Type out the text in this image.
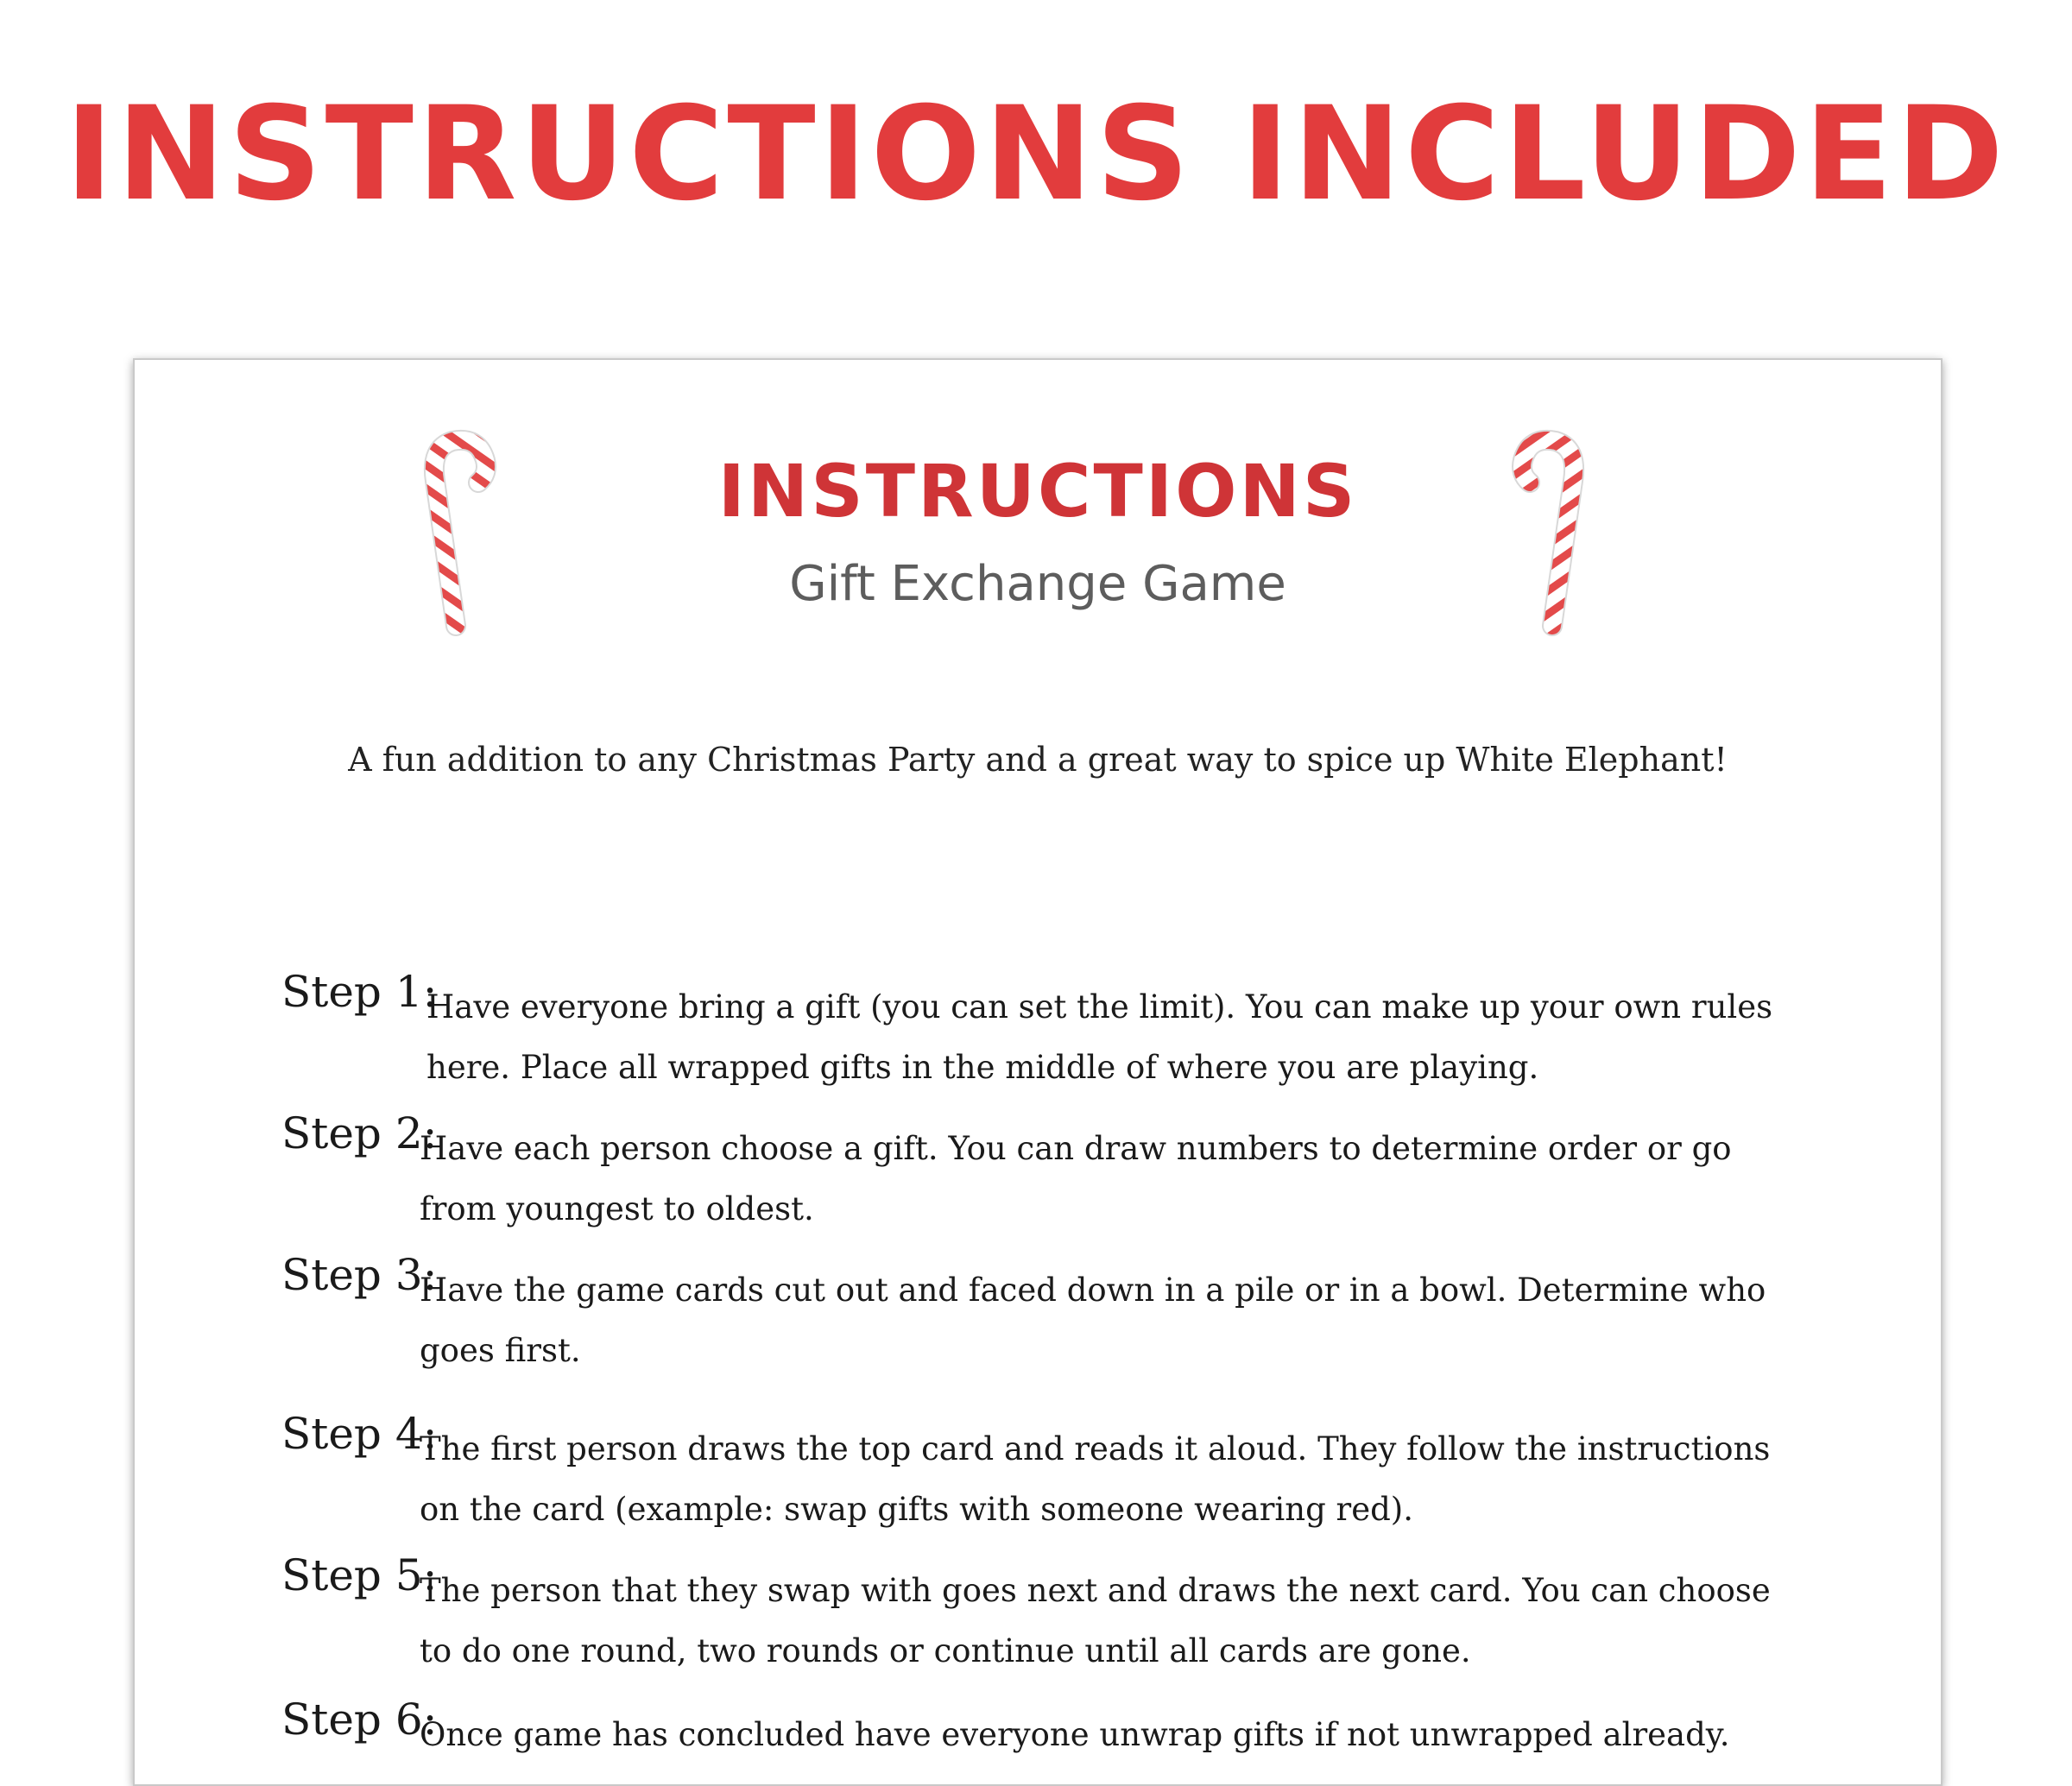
INSTRUCTIONS INCLUDED
INSTRUCTIONS
Gift Exchange Game
A fun addition to any Christmas Party and a great way to spice up White Elephant!
Step 1:
Have everyone bring a gift (you can set the limit). You can make up your own rules here. Place all wrapped gifts in the middle of where you are playing.
Step 2:
Have each person choose a gift. You can draw numbers to determine order or go from youngest to oldest.
Step 3:
Have the game cards cut out and faced down in a pile or in a bowl. Determine who goes first.
Step 4:
The first person draws the top card and reads it aloud. They follow the instructions on the card (example: swap gifts with someone wearing red).
Step 5:
The person that they swap with goes next and draws the next card. You can choose to do one round, two rounds or continue until all cards are gone.
Step 6:
Once game has concluded have everyone unwrap gifts if not unwrapped already.
